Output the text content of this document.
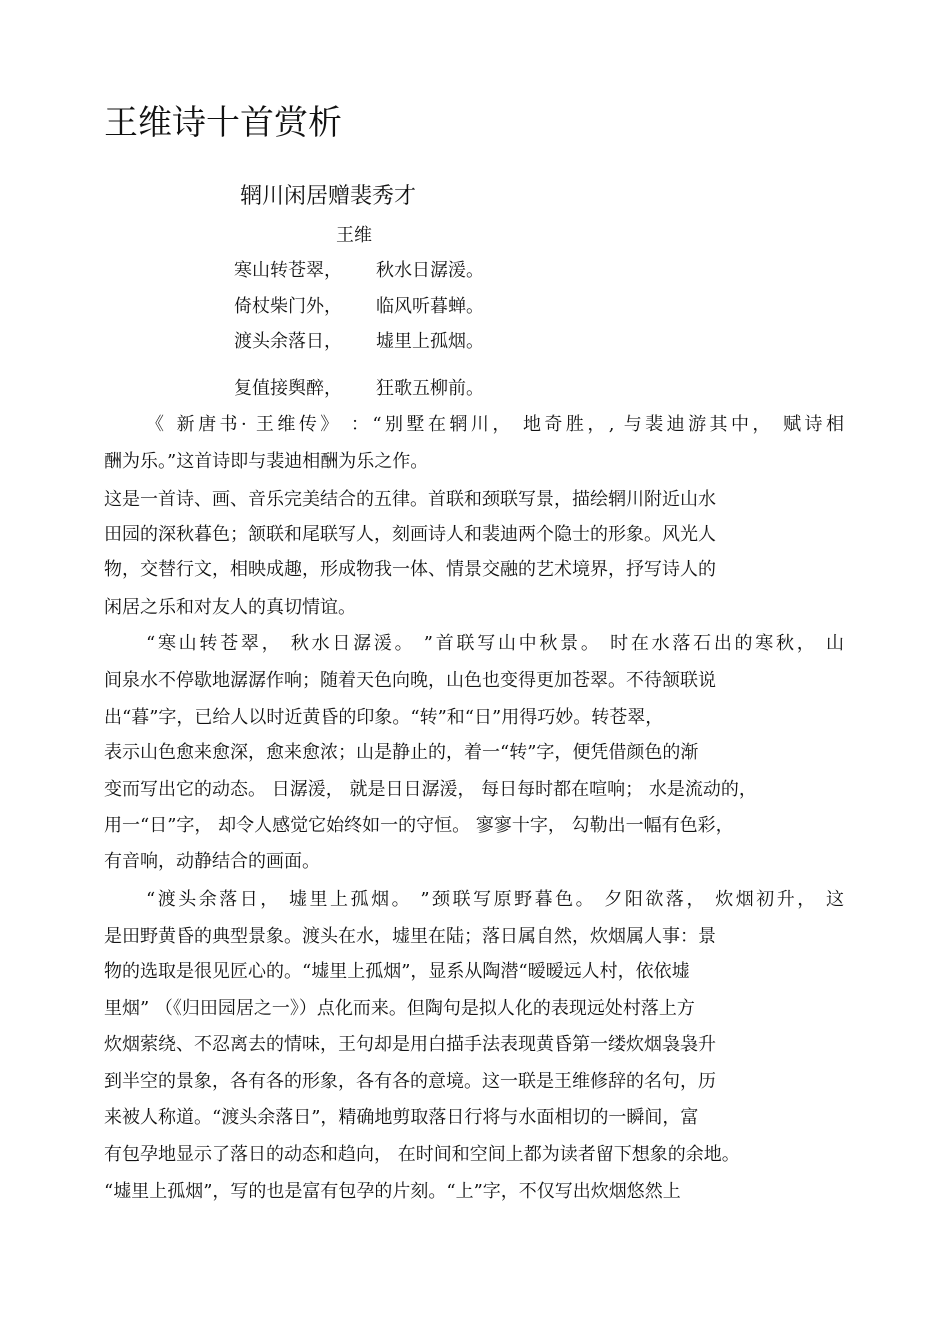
王维诗十首赏析
辋川闲居赠裴秀才
王维
寒山转苍翠， 秋水日潺湲。
倚杖柴门外， 临风听暮蝉。
渡头余落日， 墟里上孤烟。
复值接舆醉， 狂歌五柳前。
《 新唐书· 王维传》 ：“别墅在辋川， 地奇胜，, 与裴迪游其中， 赋诗相
酬为乐。”这首诗即与裴迪相酬为乐之作。
这是一首诗、画、音乐完美结合的五律。首联和颈联写景，描绘辋川附近山水
田园的深秋暮色；颔联和尾联写人，刻画诗人和裴迪两个隐士的形象。风光人
物，交替行文，相映成趣，形成物我一体、情景交融的艺术境界，抒写诗人的
闲居之乐和对友人的真切情谊。
“寒山转苍翠， 秋水日潺湲。 ”首联写山中秋景。 时在水落石出的寒秋， 山
间泉水不停歇地潺潺作响；随着天色向晚，山色也变得更加苍翠。不待颔联说
出“暮”字，已给人以时近黄昏的印象。“转”和“日”用得巧妙。转苍翠，
表示山色愈来愈深，愈来愈浓；山是静止的，着一“转”字，便凭借颜色的渐
变而写出它的动态。 日潺湲， 就是日日潺湲， 每日每时都在喧响； 水是流动的，
用一“日”字， 却令人感觉它始终如一的守恒。 寥寥十字， 勾勒出一幅有色彩，
有音响，动静结合的画面。
“渡头余落日， 墟里上孤烟。 ”颈联写原野暮色。 夕阳欲落， 炊烟初升， 这
是田野黄昏的典型景象。渡头在水，墟里在陆；落日属自然，炊烟属人事：景
物的选取是很见匠心的。“墟里上孤烟”，显系从陶潜“暧暧远人村，依依墟
里烟” （《归田园居之一》）点化而来。但陶句是拟人化的表现远处村落上方
炊烟萦绕、不忍离去的情味，王句却是用白描手法表现黄昏第一缕炊烟袅袅升
到半空的景象，各有各的形象，各有各的意境。这一联是王维修辞的名句，历
来被人称道。“渡头余落日”，精确地剪取落日行将与水面相切的一瞬间，富
有包孕地显示了落日的动态和趋向， 在时间和空间上都为读者留下想象的余地。
“墟里上孤烟”，写的也是富有包孕的片刻。“上”字，不仅写出炊烟悠然上
